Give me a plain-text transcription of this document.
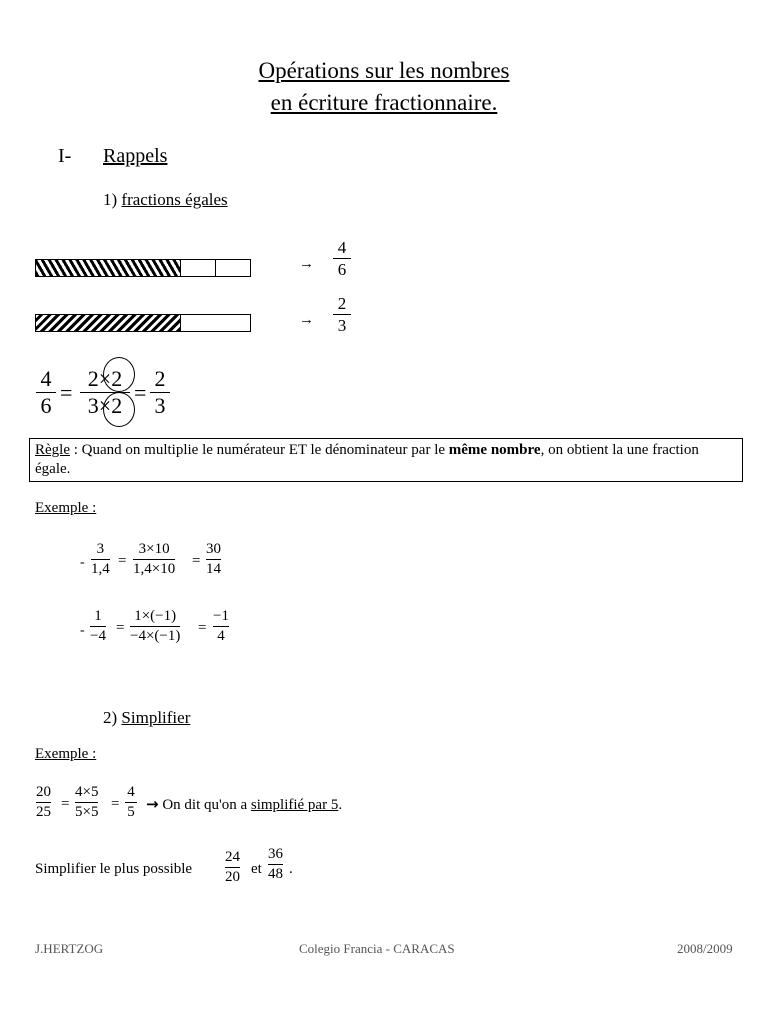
Opérations sur les nombres
en écriture fractionnaire.
I- Rappels
1) fractions égales
→
4
6
→
2
3
4
6
=
2×2
3×2
=
2
3
Règle : Quand on multiplie le numérateur ET le dénominateur par le même nombre, on obtient la une fraction égale.
Exemple :
-
3
1,4 =
3×10
1,4×10 =
30
14
-
1
−4 =
1×(−1)
−4×(−1) =
−1
4
2) Simplifier
Exemple :
20
25 =
4×5
5×5 =
4
5 → On dit qu'on a simplifié par 5.
Simplifier le plus possible
24
20 et
36
48 .
J.HERTZOG	Colegio Francia - CARACAS	2008/2009
